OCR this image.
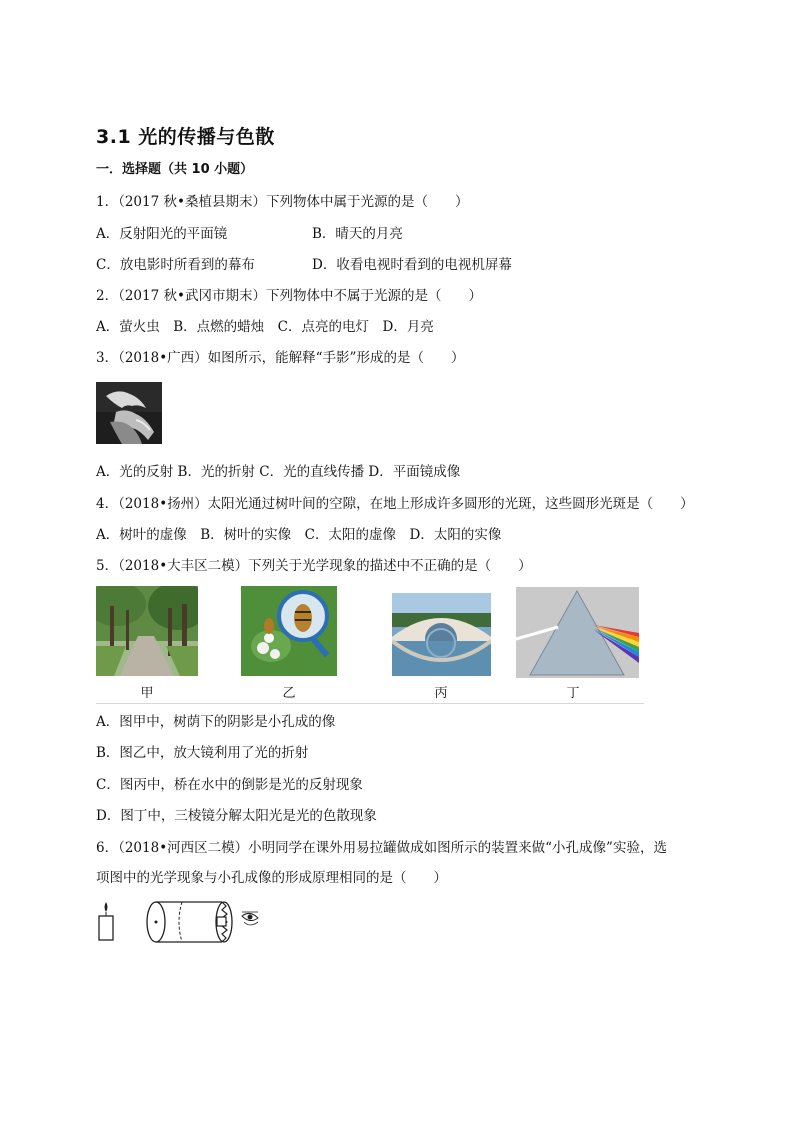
3.1 光的传播与色散
一．选择题（共 10 小题）
1．（2017 秋•桑植县期末）下列物体中属于光源的是（　　）
A．反射阳光的平面镜	B．晴天的月亮
C．放电影时所看到的幕布	D．收看电视时看到的电视机屏幕
2．（2017 秋•武冈市期末）下列物体中不属于光源的是（　　）
A．萤火虫　B．点燃的蜡烛　C．点亮的电灯　D．月亮
3．（2018•广西）如图所示，能解释“手影”形成的是（　　）
A．光的反射 B．光的折射 C．光的直线传播 D．平面镜成像
4．（2018•扬州）太阳光通过树叶间的空隙，在地上形成许多圆形的光斑，这些圆形光斑是（　　）
A．树叶的虚像　B．树叶的实像　C．太阳的虚像　D．太阳的实像
5．（2018•大丰区二模）下列关于光学现象的描述中不正确的是（　　）
甲	乙	丙	丁
A．图甲中，树荫下的阴影是小孔成的像
B．图乙中，放大镜利用了光的折射
C．图丙中，桥在水中的倒影是光的反射现象
D．图丁中，三棱镜分解太阳光是光的色散现象
6．（2018•河西区二模）小明同学在课外用易拉罐做成如图所示的装置来做“小孔成像”实验，选
项图中的光学现象与小孔成像的形成原理相同的是（　　）
